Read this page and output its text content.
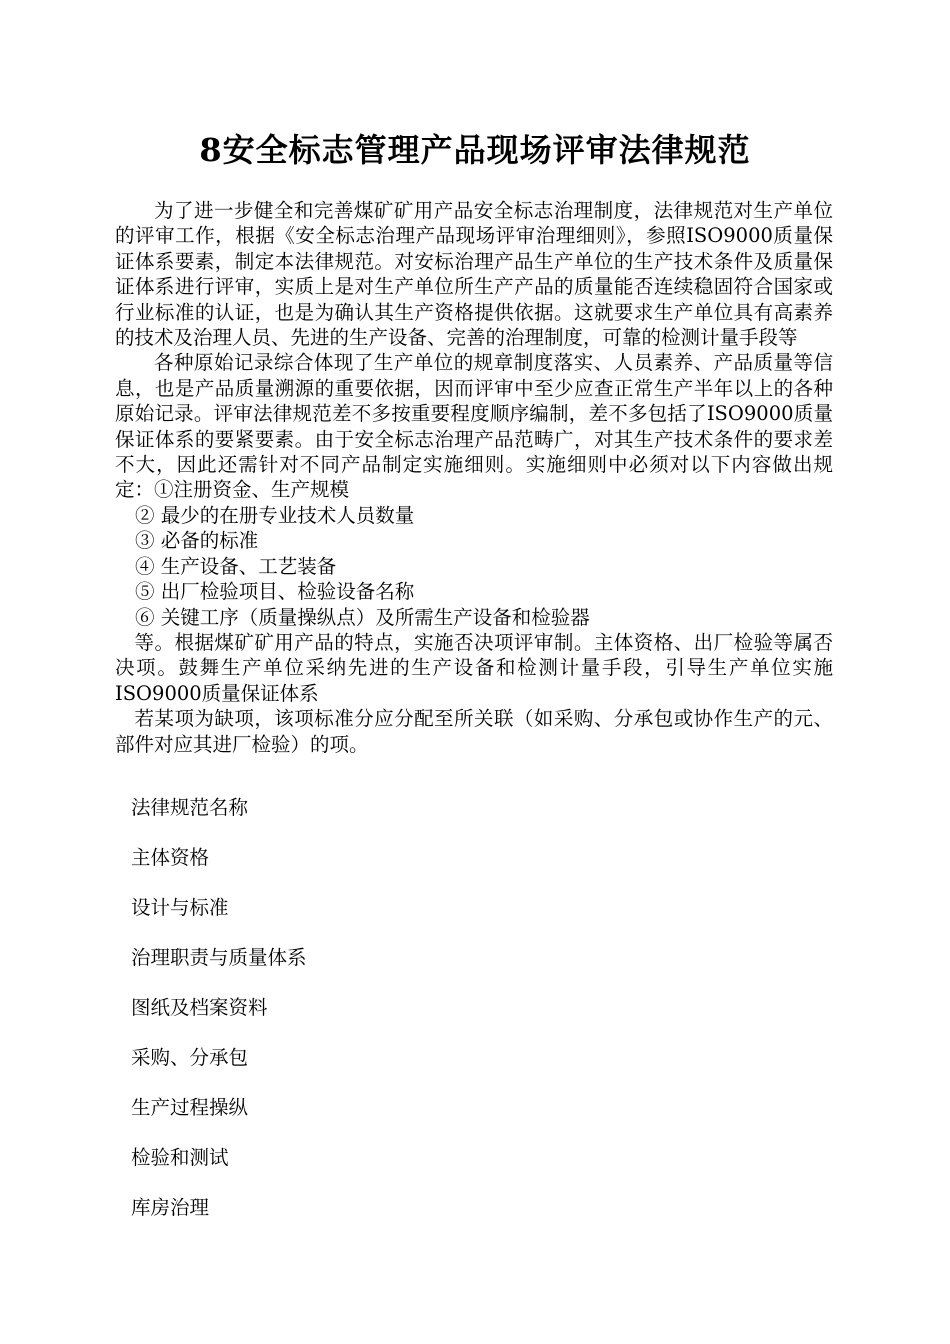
8安全标志管理产品现场评审法律规范

为了进一步健全和完善煤矿矿用产品安全标志治理制度，法律规范对生产单位的评审工作，根据《安全标志治理产品现场评审治理细则》，参照ISO9000质量保证体系要素，制定本法律规范。对安标治理产品生产单位的生产技术条件及质量保证体系进行评审，实质上是对生产单位所生产产品的质量能否连续稳固符合国家或行业标准的认证，也是为确认其生产资格提供依据。这就要求生产单位具有高素养的技术及治理人员、先进的生产设备、完善的治理制度，可靠的检测计量手段等

各种原始记录综合体现了生产单位的规章制度落实、人员素养、产品质量等信息，也是产品质量溯源的重要依据，因而评审中至少应查正常生产半年以上的各种原始记录。评审法律规范差不多按重要程度顺序编制，差不多包括了ISO9000质量保证体系的要紧要素。由于安全标志治理产品范畴广，对其生产技术条件的要求差不大，因此还需针对不同产品制定实施细则。实施细则中必须对以下内容做出规定：①注册资金、生产规模

② 最少的在册专业技术人员数量

③ 必备的标准

④ 生产设备、工艺装备

⑤ 出厂检验项目、检验设备名称

⑥ 关键工序（质量操纵点）及所需生产设备和检验器

等。根据煤矿矿用产品的特点，实施否决项评审制。主体资格、出厂检验等属否决项。鼓舞生产单位采纳先进的生产设备和检测计量手段，引导生产单位实施ISO9000质量保证体系

若某项为缺项，该项标准分应分配至所关联（如采购、分承包或协作生产的元、部件对应其进厂检验）的项。

法律规范名称
主体资格
设计与标准
治理职责与质量体系
图纸及档案资料
采购、分承包
生产过程操纵
检验和测试
库房治理
